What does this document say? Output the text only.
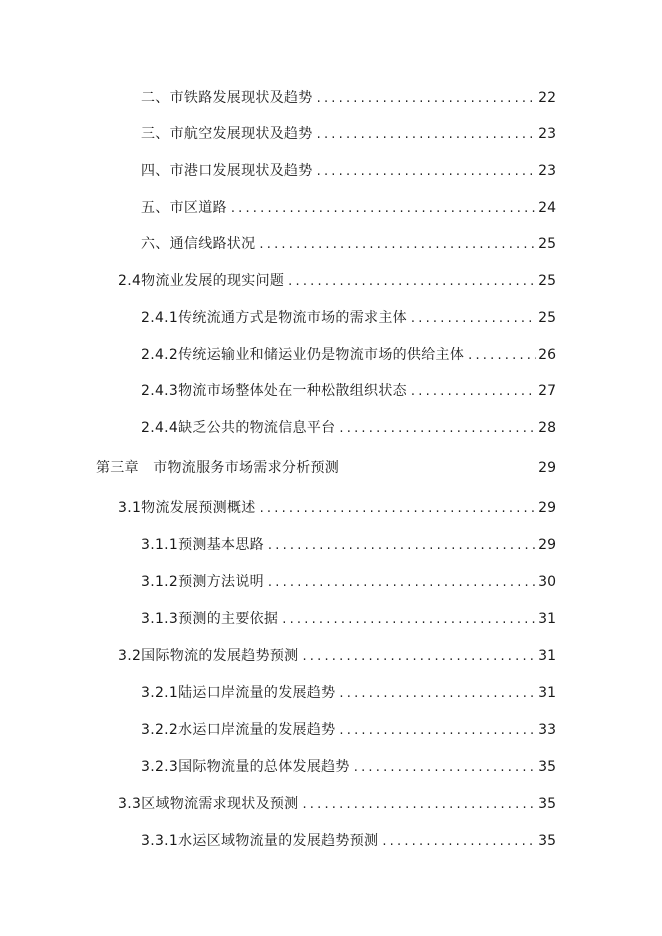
二、市铁路发展现状及趋势 .....	22
三、市航空发展现状及趋势 .....	23
四、市港口发展现状及趋势 .....	23
五、市区道路 .....	24
六、通信线路状况 .....	25
2.4物流业发展的现实问题 .....	25
2.4.1传统流通方式是物流市场的需求主体 .....	25
2.4.2传统运输业和储运业仍是物流市场的供给主体 .....	26
2.4.3物流市场整体处在一种松散组织状态 .....	27
2.4.4缺乏公共的物流信息平台 .....	28
第三章　市物流服务市场需求分析预测	29
3.1物流发展预测概述 .....	29
3.1.1预测基本思路 .....	29
3.1.2预测方法说明 .....	30
3.1.3预测的主要依据 .....	31
3.2国际物流的发展趋势预测 .....	31
3.2.1陆运口岸流量的发展趋势 .....	31
3.2.2水运口岸流量的发展趋势 .....	33
3.2.3国际物流量的总体发展趋势 .....	35
3.3区域物流需求现状及预测 .....	35
3.3.1水运区域物流量的发展趋势预测 .....	35
